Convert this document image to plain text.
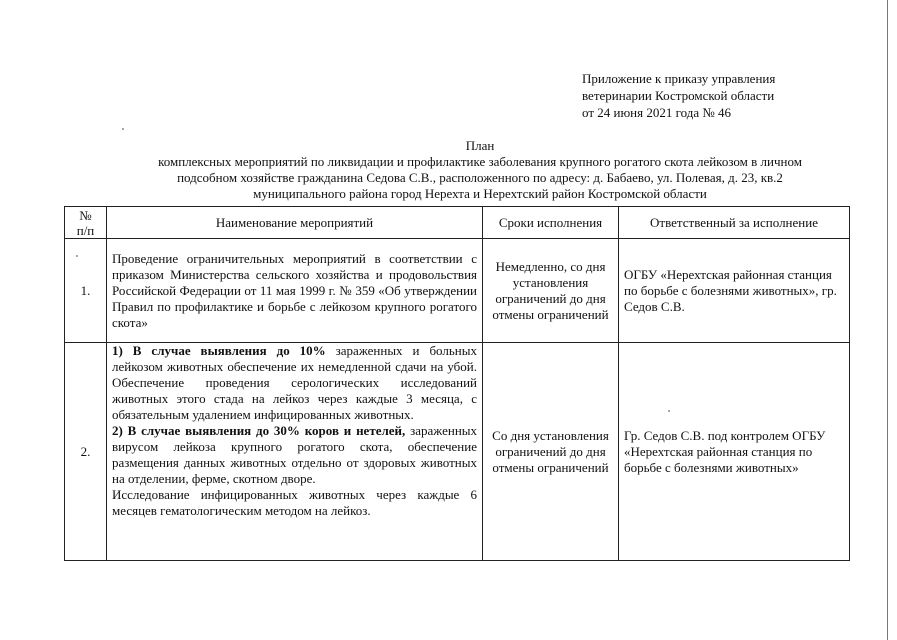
Приложение к приказу управления
ветеринарии Костромской области
от 24 июня 2021 года № 46
План
комплексных мероприятий по ликвидации и профилактике заболевания крупного рогатого скота лейкозом в личном
подсобном хозяйстве гражданина Седова С.В., расположенного по адресу: д. Бабаево, ул. Полевая, д. 23, кв.2
муниципального района город Нерехта и Нерехтский район Костромской области
№
п/п	Наименование мероприятий	Сроки исполнения	Ответственный за исполнение
1.	Проведение ограничительных мероприятий в соответствии с приказом Министерства сельского хозяйства и продовольствия Российской Федерации от 11 мая 1999 г. № 359 «Об утверждении Правил по профилактике и борьбе с лейкозом крупного рогатого скота»	Немедленно, со дня установления ограничений до дня отмены ограничений	ОГБУ «Нерехтская районная станция по борьбе с болезнями животных», гр. Седов С.В.
2.	1) В случае выявления до 10% зараженных и больных лейкозом животных обеспечение их немедленной сдачи на убой. Обеспечение проведения серологических исследований животных этого стада на лейкоз через каждые 3 месяца, с обязательным удалением инфицированных животных.

2) В случае выявления до 30% коров и нетелей, зараженных вирусом лейкоза крупного рогатого скота, обеспечение размещения данных животных отдельно от здоровых животных на отделении, ферме, скотном дворе.

Исследование инфицированных животных через каждые 6 месяцев гематологическим методом на лейкоз.	Со дня установления ограничений до дня отмены ограничений	Гр. Седов С.В. под контролем ОГБУ «Нерехтская районная станция по борьбе с болезнями животных»
